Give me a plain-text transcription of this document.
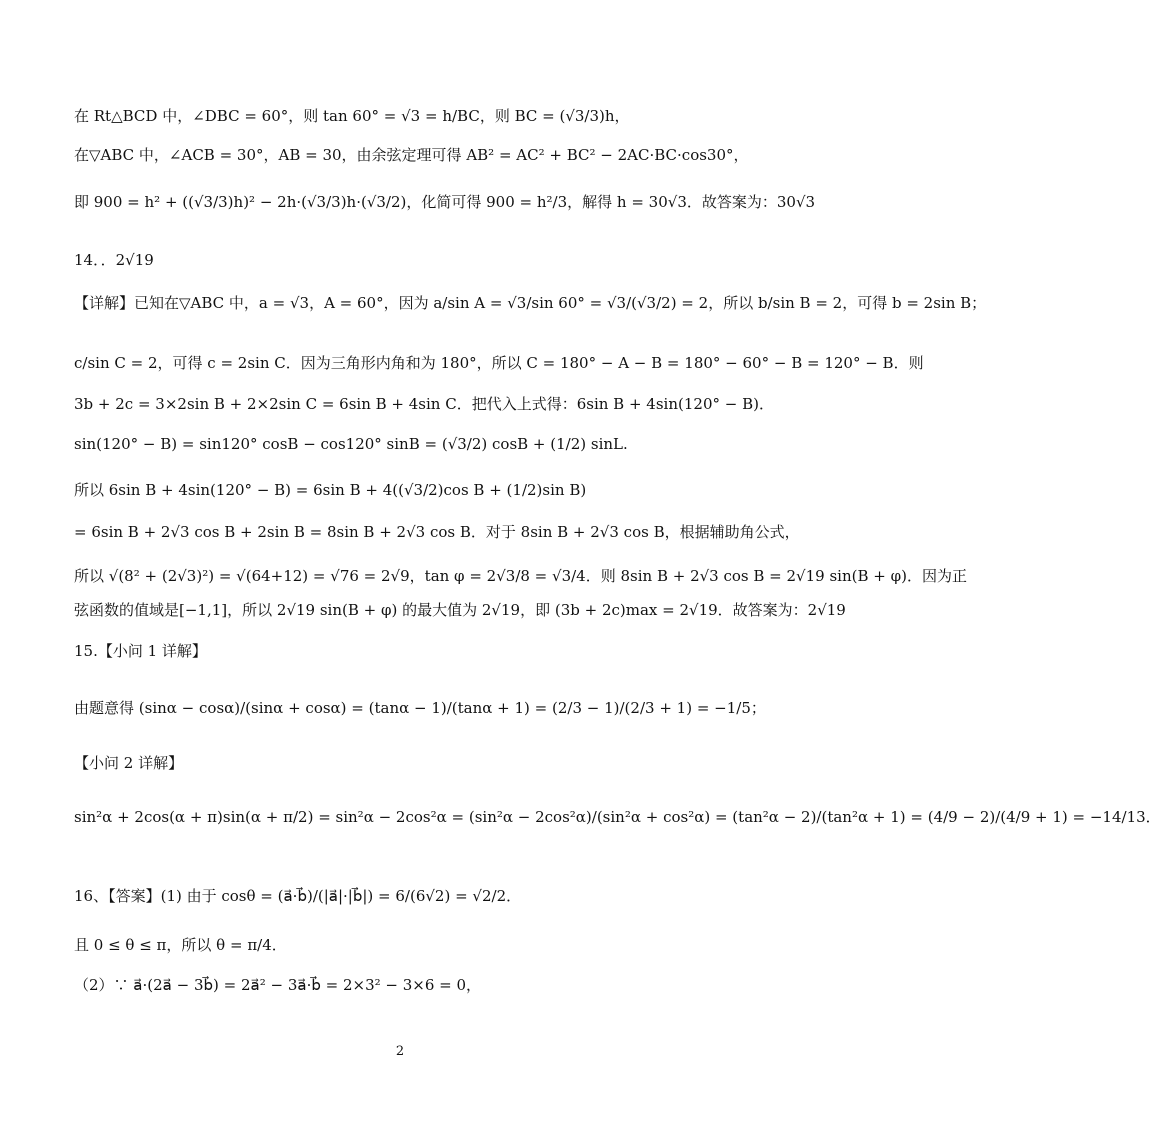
在 Rt△BCD 中，∠DBC = 60°，则 tan 60° = √3 = h/BC，则 BC = (√3/3)h，
在▽ABC 中，∠ACB = 30°，AB = 30，由余弦定理可得 AB² = AC² + BC² − 2AC·BC·cos30°，
即 900 = h² + ((√3/3)h)² − 2h·(√3/3)h·(√3/2)，化简可得 900 = h²/3，解得 h = 30√3．故答案为：30√3
14．．2√19
【详解】已知在▽ABC 中，a = √3，A = 60°，因为 a/sin A = √3/sin 60° = √3/(√3/2) = 2，所以 b/sin B = 2，可得 b = 2sin B；
c/sin C = 2，可得 c = 2sin C．因为三角形内角和为 180°，所以 C = 180° − A − B = 180° − 60° − B = 120° − B．则
3b + 2c = 3×2sin B + 2×2sin C = 6sin B + 4sin C．把代入上式得：6sin B + 4sin(120° − B)．
sin(120° − B) = sin120° cosB − cos120° sinB = (√3/2) cosB + (1/2) sinL.
所以 6sin B + 4sin(120° − B) = 6sin B + 4((√3/2)cos B + (1/2)sin B)
= 6sin B + 2√3 cos B + 2sin B = 8sin B + 2√3 cos B．对于 8sin B + 2√3 cos B，根据辅助角公式，
所以 √(8² + (2√3)²) = √(64+12) = √76 = 2√9，tan φ = 2√3/8 = √3/4．则 8sin B + 2√3 cos B = 2√19 sin(B + φ)．因为正
弦函数的值域是[−1,1]，所以 2√19 sin(B + φ) 的最大值为 2√19，即 (3b + 2c)max = 2√19．故答案为：2√19
15.【小问 1 详解】
由题意得 (sinα − cosα)/(sinα + cosα) = (tanα − 1)/(tanα + 1) = (2/3 − 1)/(2/3 + 1) = −1/5；
【小问 2 详解】
sin²α + 2cos(α + π)sin(α + π/2) = sin²α − 2cos²α = (sin²α − 2cos²α)/(sin²α + cos²α) = (tan²α − 2)/(tan²α + 1) = (4/9 − 2)/(4/9 + 1) = −14/13．
16、【答案】(1) 由于 cosθ = (a⃗·b⃗)/(|a⃗|·|b⃗|) = 6/(6√2) = √2/2．
且 0 ≤ θ ≤ π，所以 θ = π/4．
（2）∵ a⃗·(2a⃗ − 3b⃗) = 2a⃗² − 3a⃗·b⃗ = 2×3² − 3×6 = 0，
2
